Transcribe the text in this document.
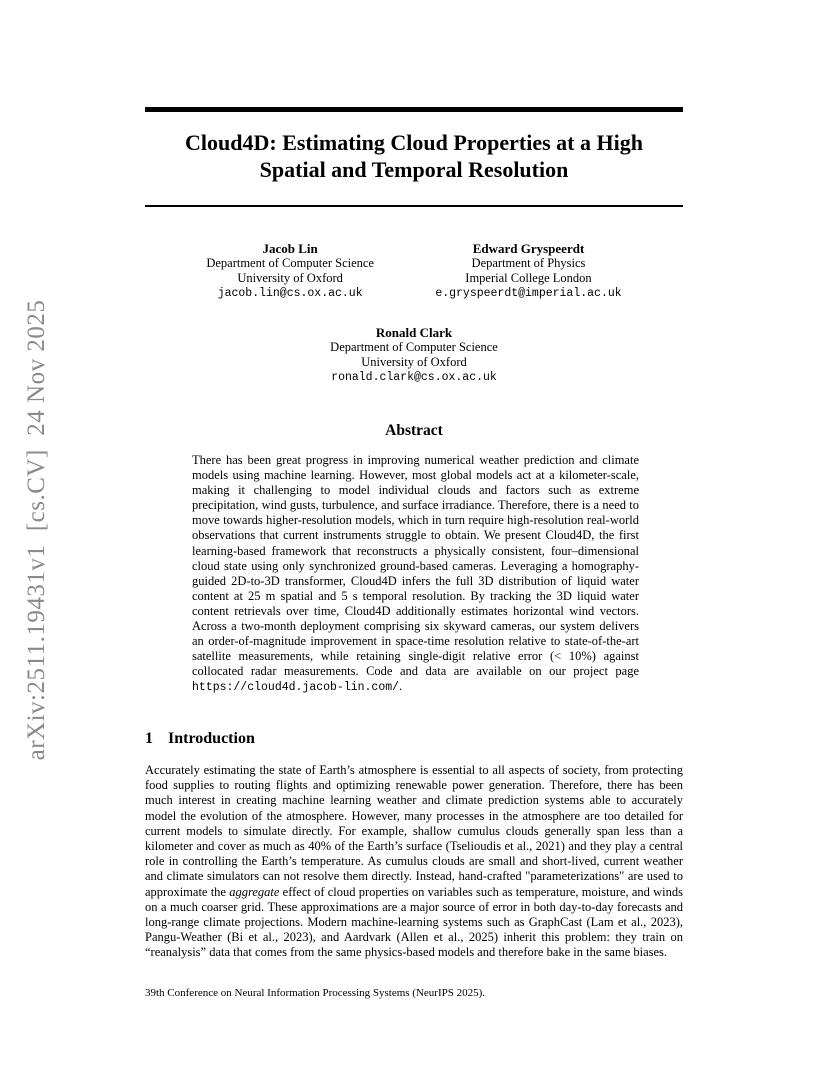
arXiv:2511.19431v1  [cs.CV]  24 Nov 2025
Cloud4D: Estimating Cloud Properties at a High
Spatial and Temporal Resolution
Jacob Lin
Department of Computer Science
University of Oxford
jacob.lin@cs.ox.ac.uk
Edward Gryspeerdt
Department of Physics
Imperial College London
e.gryspeerdt@imperial.ac.uk
Ronald Clark
Department of Computer Science
University of Oxford
ronald.clark@cs.ox.ac.uk
Abstract

There has been great progress in improving numerical weather prediction and climate models using machine learning. However, most global models act at a kilometer-scale, making it challenging to model individual clouds and factors such as extreme precipitation, wind gusts, turbulence, and surface irradiance. Therefore, there is a need to move towards higher-resolution models, which in turn require high-resolution real-world observations that current instruments struggle to obtain. We present Cloud4D, the first learning-based framework that reconstructs a physically consistent, four–dimensional cloud state using only synchronized ground-based cameras. Leveraging a homography-guided 2D-to-3D transformer, Cloud4D infers the full 3D distribution of liquid water content at 25 m spatial and 5 s temporal resolution. By tracking the 3D liquid water content retrievals over time, Cloud4D additionally estimates horizontal wind vectors. Across a two-month deployment comprising six skyward cameras, our system delivers an order-of-magnitude improvement in space-time resolution relative to state-of-the-art satellite measurements, while retaining single-digit relative error (< 10%) against collocated radar measurements. Code and data are available on our project page https://cloud4d.jacob-lin.com/.

1 Introduction

Accurately estimating the state of Earth’s atmosphere is essential to all aspects of society, from protecting food supplies to routing flights and optimizing renewable power generation. Therefore, there has been much interest in creating machine learning weather and climate prediction systems able to accurately model the evolution of the atmosphere. However, many processes in the atmosphere are too detailed for current models to simulate directly. For example, shallow cumulus clouds generally span less than a kilometer and cover as much as 40% of the Earth’s surface (Tselioudis et al., 2021) and they play a central role in controlling the Earth’s temperature. As cumulus clouds are small and short-lived, current weather and climate simulators can not resolve them directly. Instead, hand-crafted "parameterizations" are used to approximate the aggregate effect of cloud properties on variables such as temperature, moisture, and winds on a much coarser grid. These approximations are a major source of error in both day-to-day forecasts and long-range climate projections. Modern machine-learning systems such as GraphCast (Lam et al., 2023), Pangu-Weather (Bi et al., 2023), and Aardvark (Allen et al., 2025) inherit this problem: they train on “reanalysis” data that comes from the same physics-based models and therefore bake in the same biases.

39th Conference on Neural Information Processing Systems (NeurIPS 2025).
